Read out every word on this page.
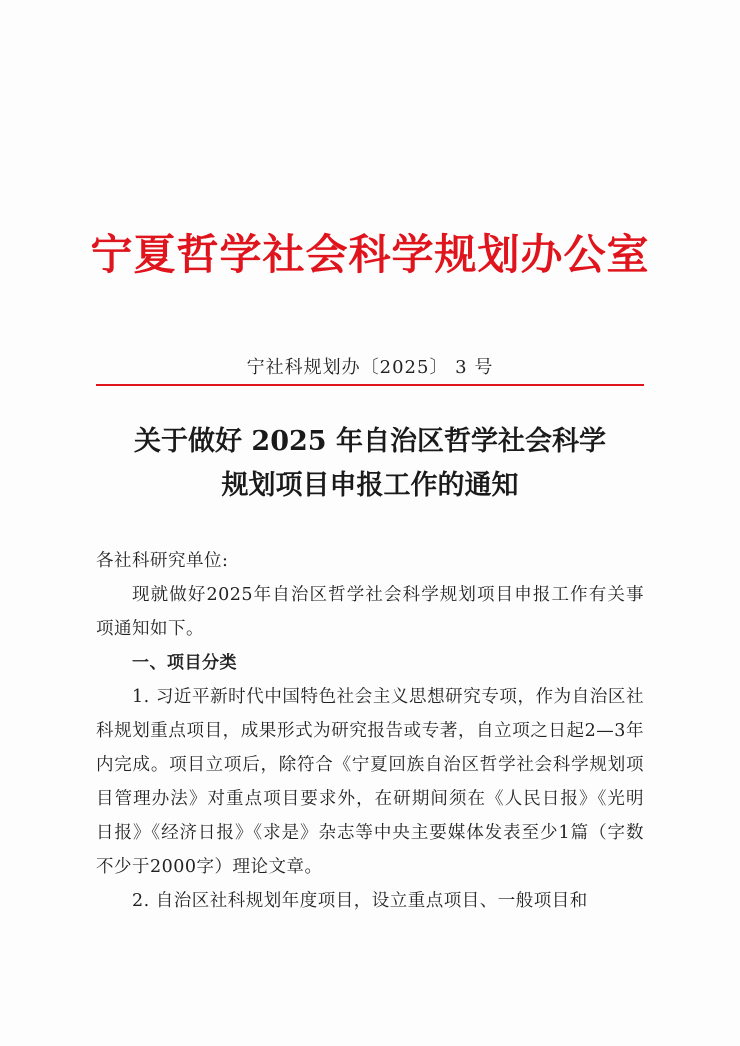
宁夏哲学社会科学规划办公室
宁社科规划办〔2025〕 3 号
关于做好 2025 年自治区哲学社会科学
规划项目申报工作的通知

各社科研究单位:

现就做好2025年自治区哲学社会科学规划项目申报工作有关事项通知如下。

一、项目分类

1. 习近平新时代中国特色社会主义思想研究专项，作为自治区社科规划重点项目，成果形式为研究报告或专著，自立项之日起2—3年内完成。项目立项后，除符合《宁夏回族自治区哲学社会科学规划项目管理办法》对重点项目要求外，在研期间须在《人民日报》《光明日报》《经济日报》《求是》杂志等中央主要媒体发表至少1篇（字数不少于2000字）理论文章。

2. 自治区社科规划年度项目，设立重点项目、一般项目和
